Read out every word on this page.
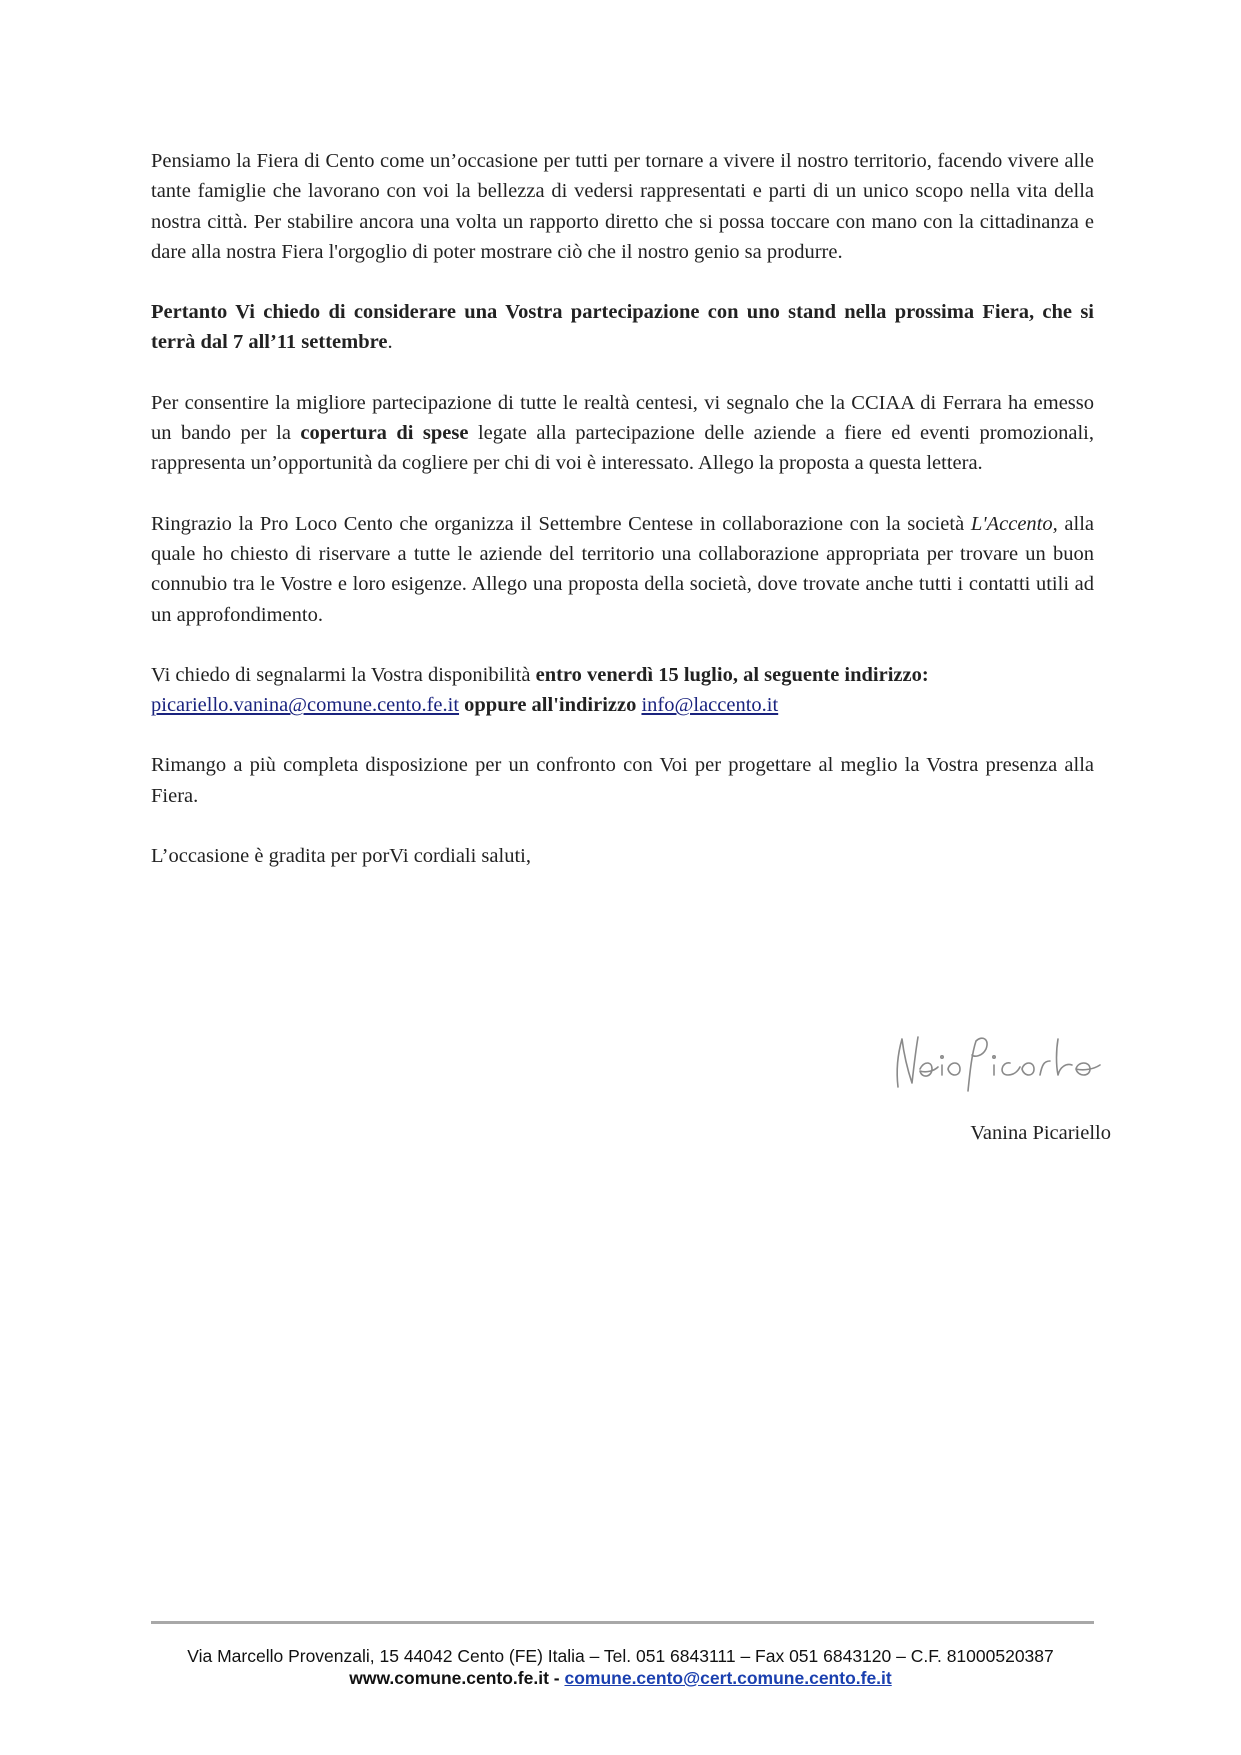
Pensiamo la Fiera di Cento come un’occasione per tutti per tornare a vivere il nostro territorio, facendo vivere alle tante famiglie che lavorano con voi la bellezza di vedersi rappresentati e parti di un unico scopo nella vita della nostra città. Per stabilire ancora una volta un rapporto diretto che si possa toccare con mano con la cittadinanza e dare alla nostra Fiera l'orgoglio di poter mostrare ciò che il nostro genio sa produrre.

Pertanto Vi chiedo di considerare una Vostra partecipazione con uno stand nella prossima Fiera, che si terrà dal 7 all’11 settembre.

Per consentire la migliore partecipazione di tutte le realtà centesi, vi segnalo che la CCIAA di Ferrara ha emesso un bando per la copertura di spese legate alla partecipazione delle aziende a fiere ed eventi promozionali, rappresenta un’opportunità da cogliere per chi di voi è interessato. Allego la proposta a questa lettera.

Ringrazio la Pro Loco Cento che organizza il Settembre Centese in collaborazione con la società L'Accento, alla quale ho chiesto di riservare a tutte le aziende del territorio una collaborazione appropriata per trovare un buon connubio tra le Vostre e loro esigenze. Allego una proposta della società, dove trovate anche tutti i contatti utili ad un approfondimento.

Vi chiedo di segnalarmi la Vostra disponibilità entro venerdì 15 luglio, al seguente indirizzo:
picariello.vanina@comune.cento.fe.it oppure all'indirizzo info@laccento.it

Rimango a più completa disposizione per un confronto con Voi per progettare al meglio la Vostra presenza alla Fiera.

L’occasione è gradita per porVi cordiali saluti,

Vanina Picariello
Via Marcello Provenzali, 15 44042 Cento (FE) Italia – Tel. 051 6843111 – Fax 051 6843120 – C.F. 81000520387
www.comune.cento.fe.it - comune.cento@cert.comune.cento.fe.it
